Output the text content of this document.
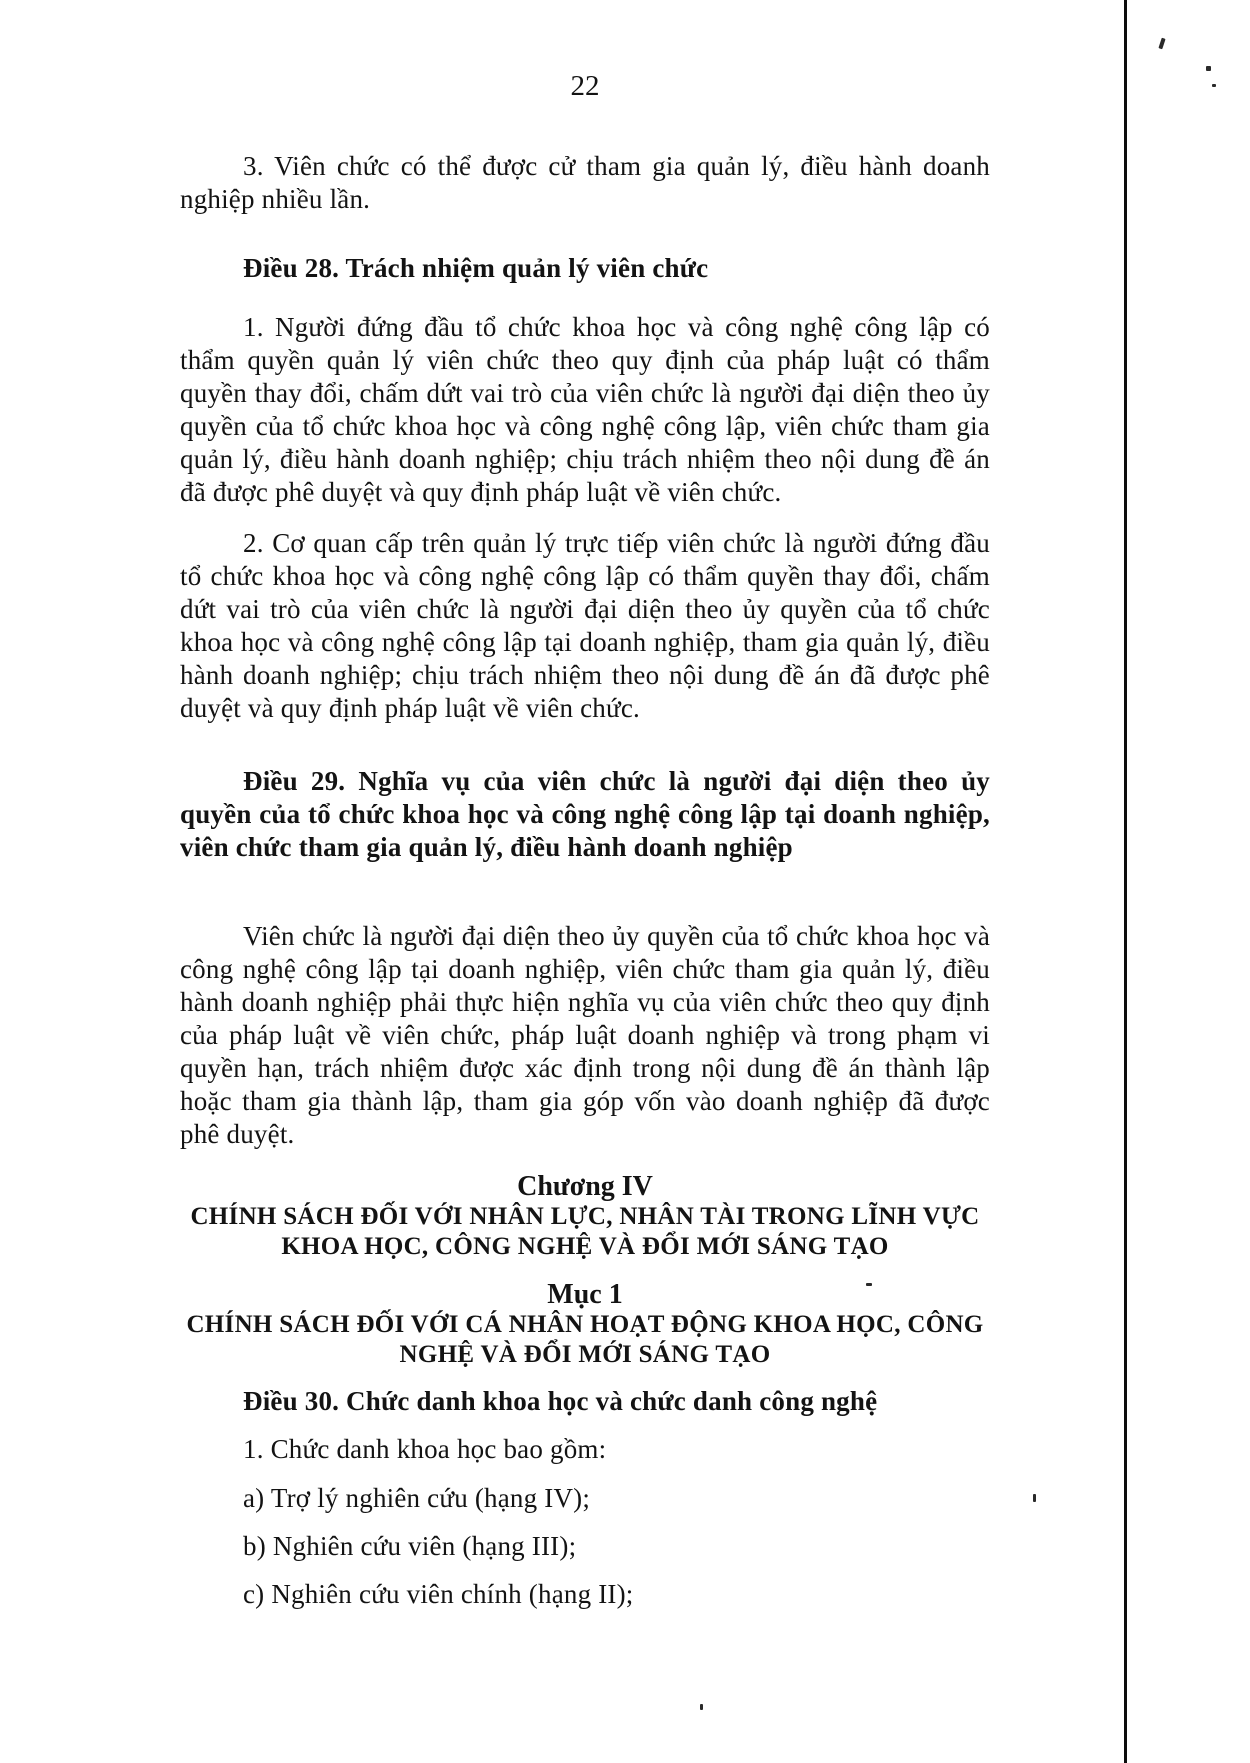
22

3. Viên chức có thể được cử tham gia quản lý, điều hành doanh nghiệp nhiều lần.

Điều 28. Trách nhiệm quản lý viên chức

1. Người đứng đầu tổ chức khoa học và công nghệ công lập có thẩm quyền quản lý viên chức theo quy định của pháp luật có thẩm quyền thay đổi, chấm dứt vai trò của viên chức là người đại diện theo ủy quyền của tổ chức khoa học và công nghệ công lập, viên chức tham gia quản lý, điều hành doanh nghiệp; chịu trách nhiệm theo nội dung đề án đã được phê duyệt và quy định pháp luật về viên chức.

2. Cơ quan cấp trên quản lý trực tiếp viên chức là người đứng đầu tổ chức khoa học và công nghệ công lập có thẩm quyền thay đổi, chấm dứt vai trò của viên chức là người đại diện theo ủy quyền của tổ chức khoa học và công nghệ công lập tại doanh nghiệp, tham gia quản lý, điều hành doanh nghiệp; chịu trách nhiệm theo nội dung đề án đã được phê duyệt và quy định pháp luật về viên chức.

Điều 29. Nghĩa vụ của viên chức là người đại diện theo ủy quyền của tổ chức khoa học và công nghệ công lập tại doanh nghiệp, viên chức tham gia quản lý, điều hành doanh nghiệp

Viên chức là người đại diện theo ủy quyền của tổ chức khoa học và công nghệ công lập tại doanh nghiệp, viên chức tham gia quản lý, điều hành doanh nghiệp phải thực hiện nghĩa vụ của viên chức theo quy định của pháp luật về viên chức, pháp luật doanh nghiệp và trong phạm vi quyền hạn, trách nhiệm được xác định trong nội dung đề án thành lập hoặc tham gia thành lập, tham gia góp vốn vào doanh nghiệp đã được phê duyệt.

Chương IV
CHÍNH SÁCH ĐỐI VỚI NHÂN LỰC, NHÂN TÀI TRONG LĨNH VỰC KHOA HỌC, CÔNG NGHỆ VÀ ĐỔI MỚI SÁNG TẠO
Mục 1
CHÍNH SÁCH ĐỐI VỚI CÁ NHÂN HOẠT ĐỘNG KHOA HỌC, CÔNG NGHỆ VÀ ĐỔI MỚI SÁNG TẠO
Điều 30. Chức danh khoa học và chức danh công nghệ

1. Chức danh khoa học bao gồm:

a) Trợ lý nghiên cứu (hạng IV);

b) Nghiên cứu viên (hạng III);

c) Nghiên cứu viên chính (hạng II);
